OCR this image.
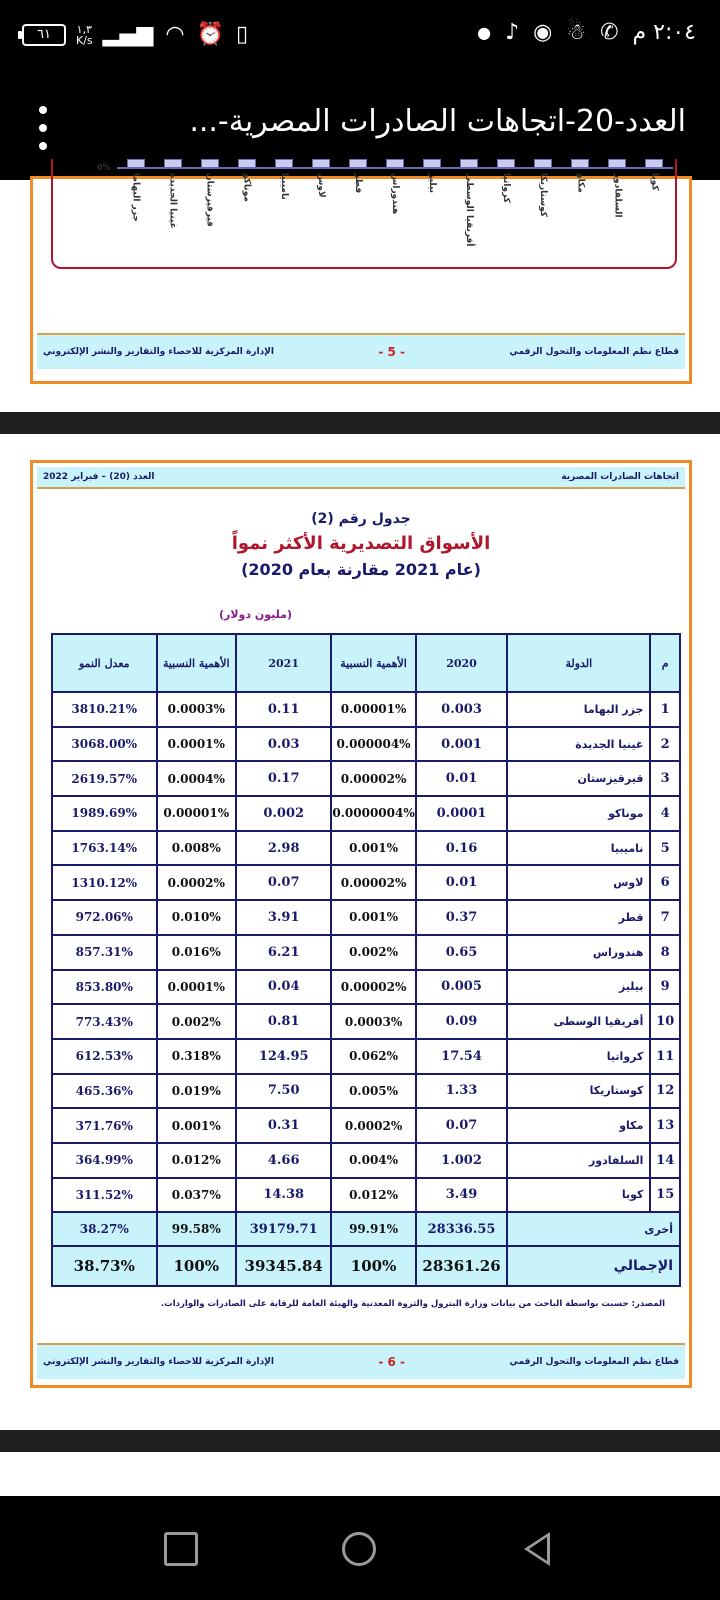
٦١ ١,٣
K/s ▂▄▆ ◠ ⏰ ▯	● ♪ ◉ ☃ ✆ ٢:٠٤ م
العدد-20-اتجاهات الصادرات المصرية-...
0%
جزر البهاما	غينيا الجديدة	قيرقيزستان	موناكو	ناميبيا	لاوس	قطر	هندوراس	بيليز	أفريقيا الوسطى	كرواتيا	كوستاريكا	مكاو	السلفادور	كوبا
قطاع نظم المعلومات والتحول الرقمي
- 5 -
الإدارة المركزية للاحصاء والتقارير والنشر الإلكتروني
اتجاهات الصادرات المصرية
العدد (20) – فبراير 2022
جدول رقم (2)
الأسواق التصديرية الأكثر نمواً
(عام 2021 مقارنة بعام 2020)
(مليون دولار)
م	الدولة	2020	الأهمية النسبية	2021	الأهمية النسبية	معدل النمو
1	جزر البهاما	0.003	0.00001%	0.11	0.0003%	3810.21%
2	غينيا الجديدة	0.001	0.000004%	0.03	0.0001%	3068.00%
3	قيرقيزستان	0.01	0.00002%	0.17	0.0004%	2619.57%
4	موناكو	0.0001	0.0000004%	0.002	0.00001%	1989.69%
5	ناميبيا	0.16	0.001%	2.98	0.008%	1763.14%
6	لاوس	0.01	0.00002%	0.07	0.0002%	1310.12%
7	قطر	0.37	0.001%	3.91	0.010%	972.06%
8	هندوراس	0.65	0.002%	6.21	0.016%	857.31%
9	بيليز	0.005	0.00002%	0.04	0.0001%	853.80%
10	أفريقيا الوسطى	0.09	0.0003%	0.81	0.002%	773.43%
11	كرواتيا	17.54	0.062%	124.95	0.318%	612.53%
12	كوستاريكا	1.33	0.005%	7.50	0.019%	465.36%
13	مكاو	0.07	0.0002%	0.31	0.001%	371.76%
14	السلفادور	1.002	0.004%	4.66	0.012%	364.99%
15	كوبا	3.49	0.012%	14.38	0.037%	311.52%
أخرى		28336.55	99.91%	39179.71	99.58%	38.27%
الإجمالي		28361.26	100%	39345.84	100%	38.73%
المصدر: حسبت بواسطة الباحث من بيانات وزارة البترول والثروة المعدنية والهيئة العامة للرقابة على الصادرات والواردات.
قطاع نظم المعلومات والتحول الرقمي
- 6 -
الإدارة المركزية للاحصاء والتقارير والنشر الإلكتروني
